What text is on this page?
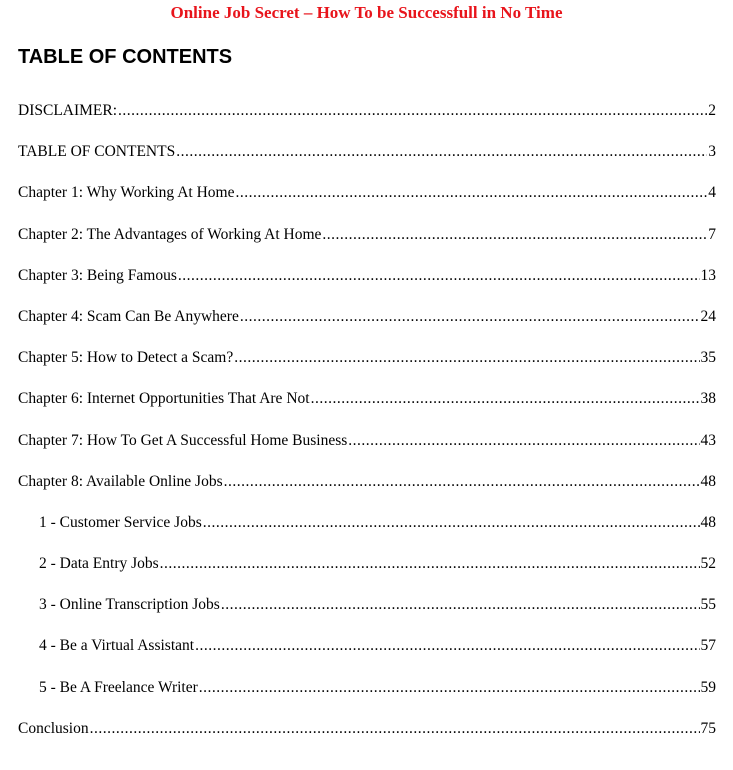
Online Job Secret – How To be Successfull in No Time
TABLE OF CONTENTS
DISCLAIMER: .....	2
TABLE OF CONTENTS .....	3
Chapter 1: Why Working At Home .....	4
Chapter 2: The Advantages of Working At Home .....	7
Chapter 3: Being Famous .....	13
Chapter 4: Scam Can Be Anywhere .....	24
Chapter 5: How to Detect a Scam? .....	35
Chapter 6: Internet Opportunities That Are Not .....	38
Chapter 7: How To Get A Successful Home Business .....	43
Chapter 8: Available Online Jobs .....	48
1 - Customer Service Jobs .....	48
2 - Data Entry Jobs .....	52
3 - Online Transcription Jobs .....	55
4 - Be a Virtual Assistant .....	57
5 - Be A Freelance Writer .....	59
Conclusion .....	75
